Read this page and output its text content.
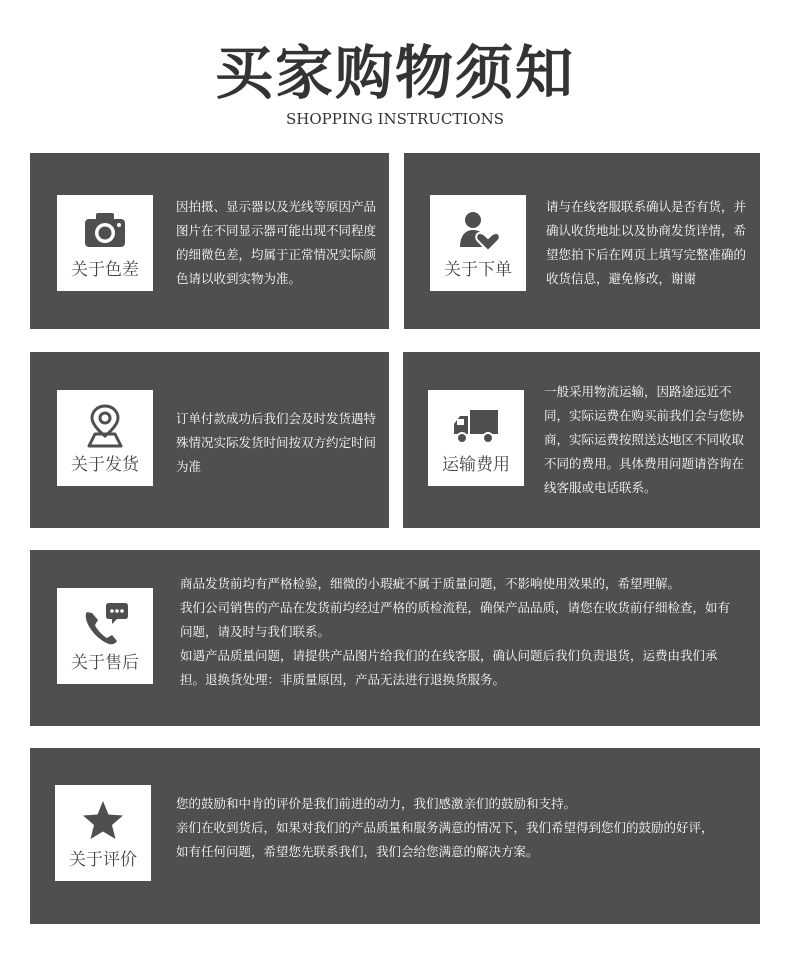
买家购物须知
SHOPPING INSTRUCTIONS
关于色差

因拍摄、显示器以及光线等原因产品图片在不同显示器可能出现不同程度的细微色差，均属于正常情况实际颜色请以收到实物为准。	关于下单

请与在线客服联系确认是否有货，并确认收货地址以及协商发货详情，希望您拍下后在网页上填写完整准确的收货信息，避免修改，谢谢

关于发货

订单付款成功后我们会及时发货遇特殊情况实际发货时间按双方约定时间为准	运输费用

一般采用物流运输，因路途远近不同，实际运费在购买前我们会与您协商，实际运费按照送达地区不同收取不同的费用。具体费用问题请咨询在线客服或电话联系。

关于售后

商品发货前均有严格检验，细微的小瑕疵不属于质量问题，不影响使用效果的，希望理解。

我们公司销售的产品在发货前均经过严格的质检流程，确保产品品质，请您在收货前仔细检查，如有问题，请及时与我们联系。

如遇产品质量问题，请提供产品图片给我们的在线客服，确认问题后我们负责退货，运费由我们承担。退换货处理：非质量原因，产品无法进行退换货服务。

关于评价

您的鼓励和中肯的评价是我们前进的动力，我们感激亲们的鼓励和支持。

亲们在收到货后，如果对我们的产品质量和服务满意的情况下，我们希望得到您们的鼓励的好评，

如有任何问题，希望您先联系我们，我们会给您满意的解决方案。
